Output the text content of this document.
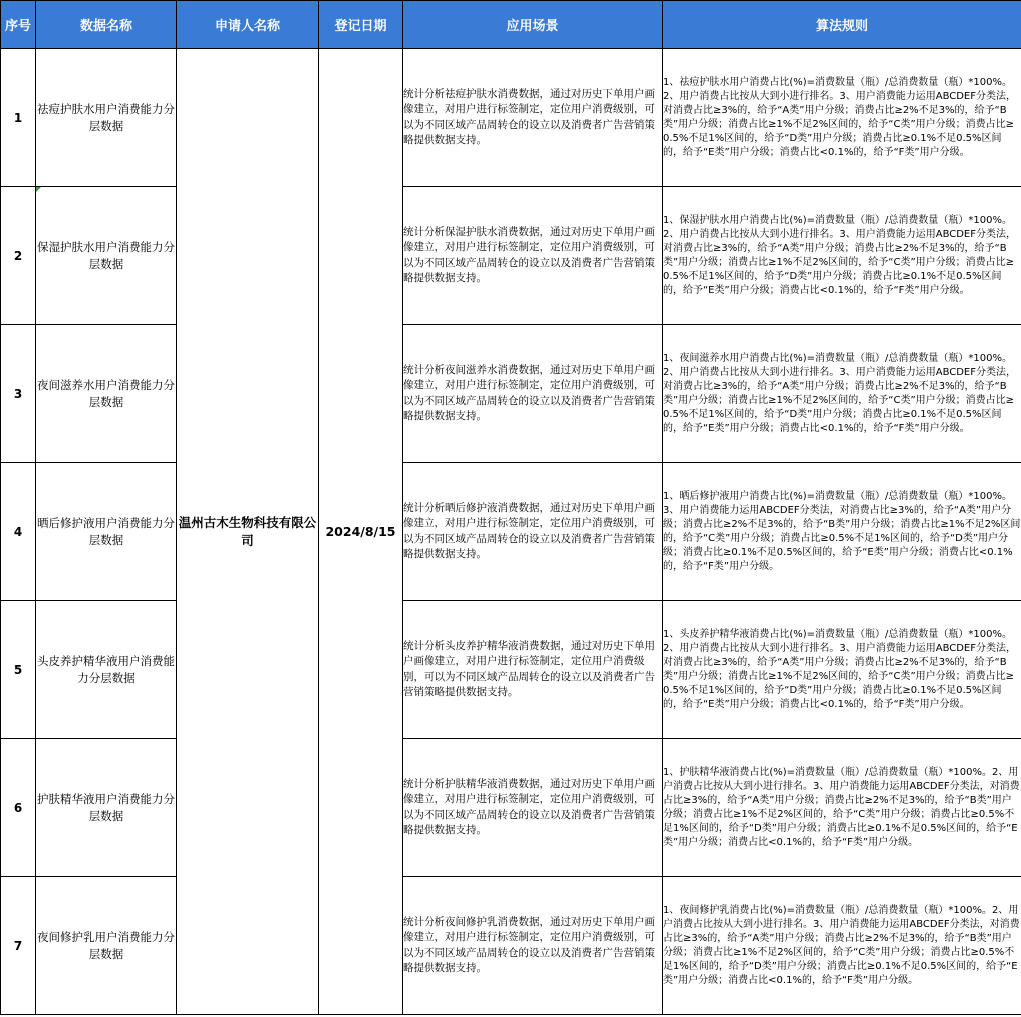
序号	数据名称	申请人名称	登记日期	应用场景	算法规则
1	祛痘护肤水用户消费能力分层数据	温州古木生物科技有限公司	2024/8/15	统计分析祛痘护肤水消费数据，通过对历史下单用户画像建立，对用户进行标签制定，定位用户消费级别，可以为不同区域产品周转仓的设立以及消费者广告营销策略提供数据支持。	1、祛痘护肤水用户消费占比(%)=消费数量（瓶）/总消费数量（瓶）*100%。2、用户消费占比按从大到小进行排名。3、用户消费能力运用ABCDEF分类法，对消费占比≥3%的，给予“A类”用户分级；消费占比≥2%不足3%的，给予“B类”用户分级；消费占比≥1%不足2%区间的，给予“C类”用户分级；消费占比≥0.5%不足1%区间的，给予“D类”用户分级；消费占比≥0.1%不足0.5%区间的，给予“E类”用户分级；消费占比<0.1%的，给予“F类”用户分级。
2	保湿护肤水用户消费能力分层数据			统计分析保湿护肤水消费数据，通过对历史下单用户画像建立，对用户进行标签制定，定位用户消费级别，可以为不同区域产品周转仓的设立以及消费者广告营销策略提供数据支持。	1、保湿护肤水用户消费占比(%)=消费数量（瓶）/总消费数量（瓶）*100%。2、用户消费占比按从大到小进行排名。3、用户消费能力运用ABCDEF分类法，对消费占比≥3%的，给予“A类”用户分级；消费占比≥2%不足3%的，给予“B类”用户分级；消费占比≥1%不足2%区间的，给予“C类”用户分级；消费占比≥0.5%不足1%区间的，给予“D类”用户分级；消费占比≥0.1%不足0.5%区间的，给予“E类”用户分级；消费占比<0.1%的，给予“F类”用户分级。
3	夜间滋养水用户消费能力分层数据			统计分析夜间滋养水消费数据，通过对历史下单用户画像建立，对用户进行标签制定，定位用户消费级别，可以为不同区域产品周转仓的设立以及消费者广告营销策略提供数据支持。	1、夜间滋养水用户消费占比(%)=消费数量（瓶）/总消费数量（瓶）*100%。2、用户消费占比按从大到小进行排名。3、用户消费能力运用ABCDEF分类法，对消费占比≥3%的，给予“A类”用户分级；消费占比≥2%不足3%的，给予“B类”用户分级；消费占比≥1%不足2%区间的，给予“C类”用户分级；消费占比≥0.5%不足1%区间的，给予“D类”用户分级；消费占比≥0.1%不足0.5%区间的，给予“E类”用户分级；消费占比<0.1%的，给予“F类”用户分级。
4	晒后修护液用户消费能力分层数据			统计分析晒后修护液消费数据，通过对历史下单用户画像建立，对用户进行标签制定，定位用户消费级别，可以为不同区域产品周转仓的设立以及消费者广告营销策略提供数据支持。	1、晒后修护液用户消费占比(%)=消费数量（瓶）/总消费数量（瓶）*100%。3、用户消费能力运用ABCDEF分类法，对消费占比≥3%的，给予“A类”用户分级；消费占比≥2%不足3%的，给予“B类”用户分级；消费占比≥1%不足2%区间的，给予“C类”用户分级；消费占比≥0.5%不足1%区间的，给予“D类”用户分级；消费占比≥0.1%不足0.5%区间的，给予“E类”用户分级；消费占比<0.1%的，给予“F类”用户分级。
5	头皮养护精华液用户消费能力分层数据			统计分析头皮养护精华液消费数据，通过对历史下单用户画像建立，对用户进行标签制定，定位用户消费级别，可以为不同区域产品周转仓的设立以及消费者广告营销策略提供数据支持。	1、头皮养护精华液消费占比(%)=消费数量（瓶）/总消费数量（瓶）*100%。2、用户消费占比按从大到小进行排名。3、用户消费能力运用ABCDEF分类法，对消费占比≥3%的，给予“A类”用户分级；消费占比≥2%不足3%的，给予“B类”用户分级；消费占比≥1%不足2%区间的，给予“C类”用户分级；消费占比≥0.5%不足1%区间的，给予“D类”用户分级；消费占比≥0.1%不足0.5%区间的，给予“E类”用户分级；消费占比<0.1%的，给予“F类”用户分级。
6	护肤精华液用户消费能力分层数据			统计分析护肤精华液消费数据，通过对历史下单用户画像建立，对用户进行标签制定，定位用户消费级别，可以为不同区域产品周转仓的设立以及消费者广告营销策略提供数据支持。	1、护肤精华液消费占比(%)=消费数量（瓶）/总消费数量（瓶）*100%。2、用户消费占比按从大到小进行排名。3、用户消费能力运用ABCDEF分类法，对消费占比≥3%的，给予“A类”用户分级；消费占比≥2%不足3%的，给予“B类”用户分级；消费占比≥1%不足2%区间的，给予“C类”用户分级；消费占比≥0.5%不足1%区间的，给予“D类”用户分级；消费占比≥0.1%不足0.5%区间的，给予“E类”用户分级；消费占比<0.1%的，给予“F类”用户分级。
7	夜间修护乳用户消费能力分层数据			统计分析夜间修护乳消费数据，通过对历史下单用户画像建立，对用户进行标签制定，定位用户消费级别，可以为不同区域产品周转仓的设立以及消费者广告营销策略提供数据支持。	1、夜间修护乳消费占比(%)=消费数量（瓶）/总消费数量（瓶）*100%。2、用户消费占比按从大到小进行排名。3、用户消费能力运用ABCDEF分类法，对消费占比≥3%的，给予“A类”用户分级；消费占比≥2%不足3%的，给予“B类”用户分级；消费占比≥1%不足2%区间的，给予“C类”用户分级；消费占比≥0.5%不足1%区间的，给予“D类”用户分级；消费占比≥0.1%不足0.5%区间的，给予“E类”用户分级；消费占比<0.1%的，给予“F类”用户分级。
